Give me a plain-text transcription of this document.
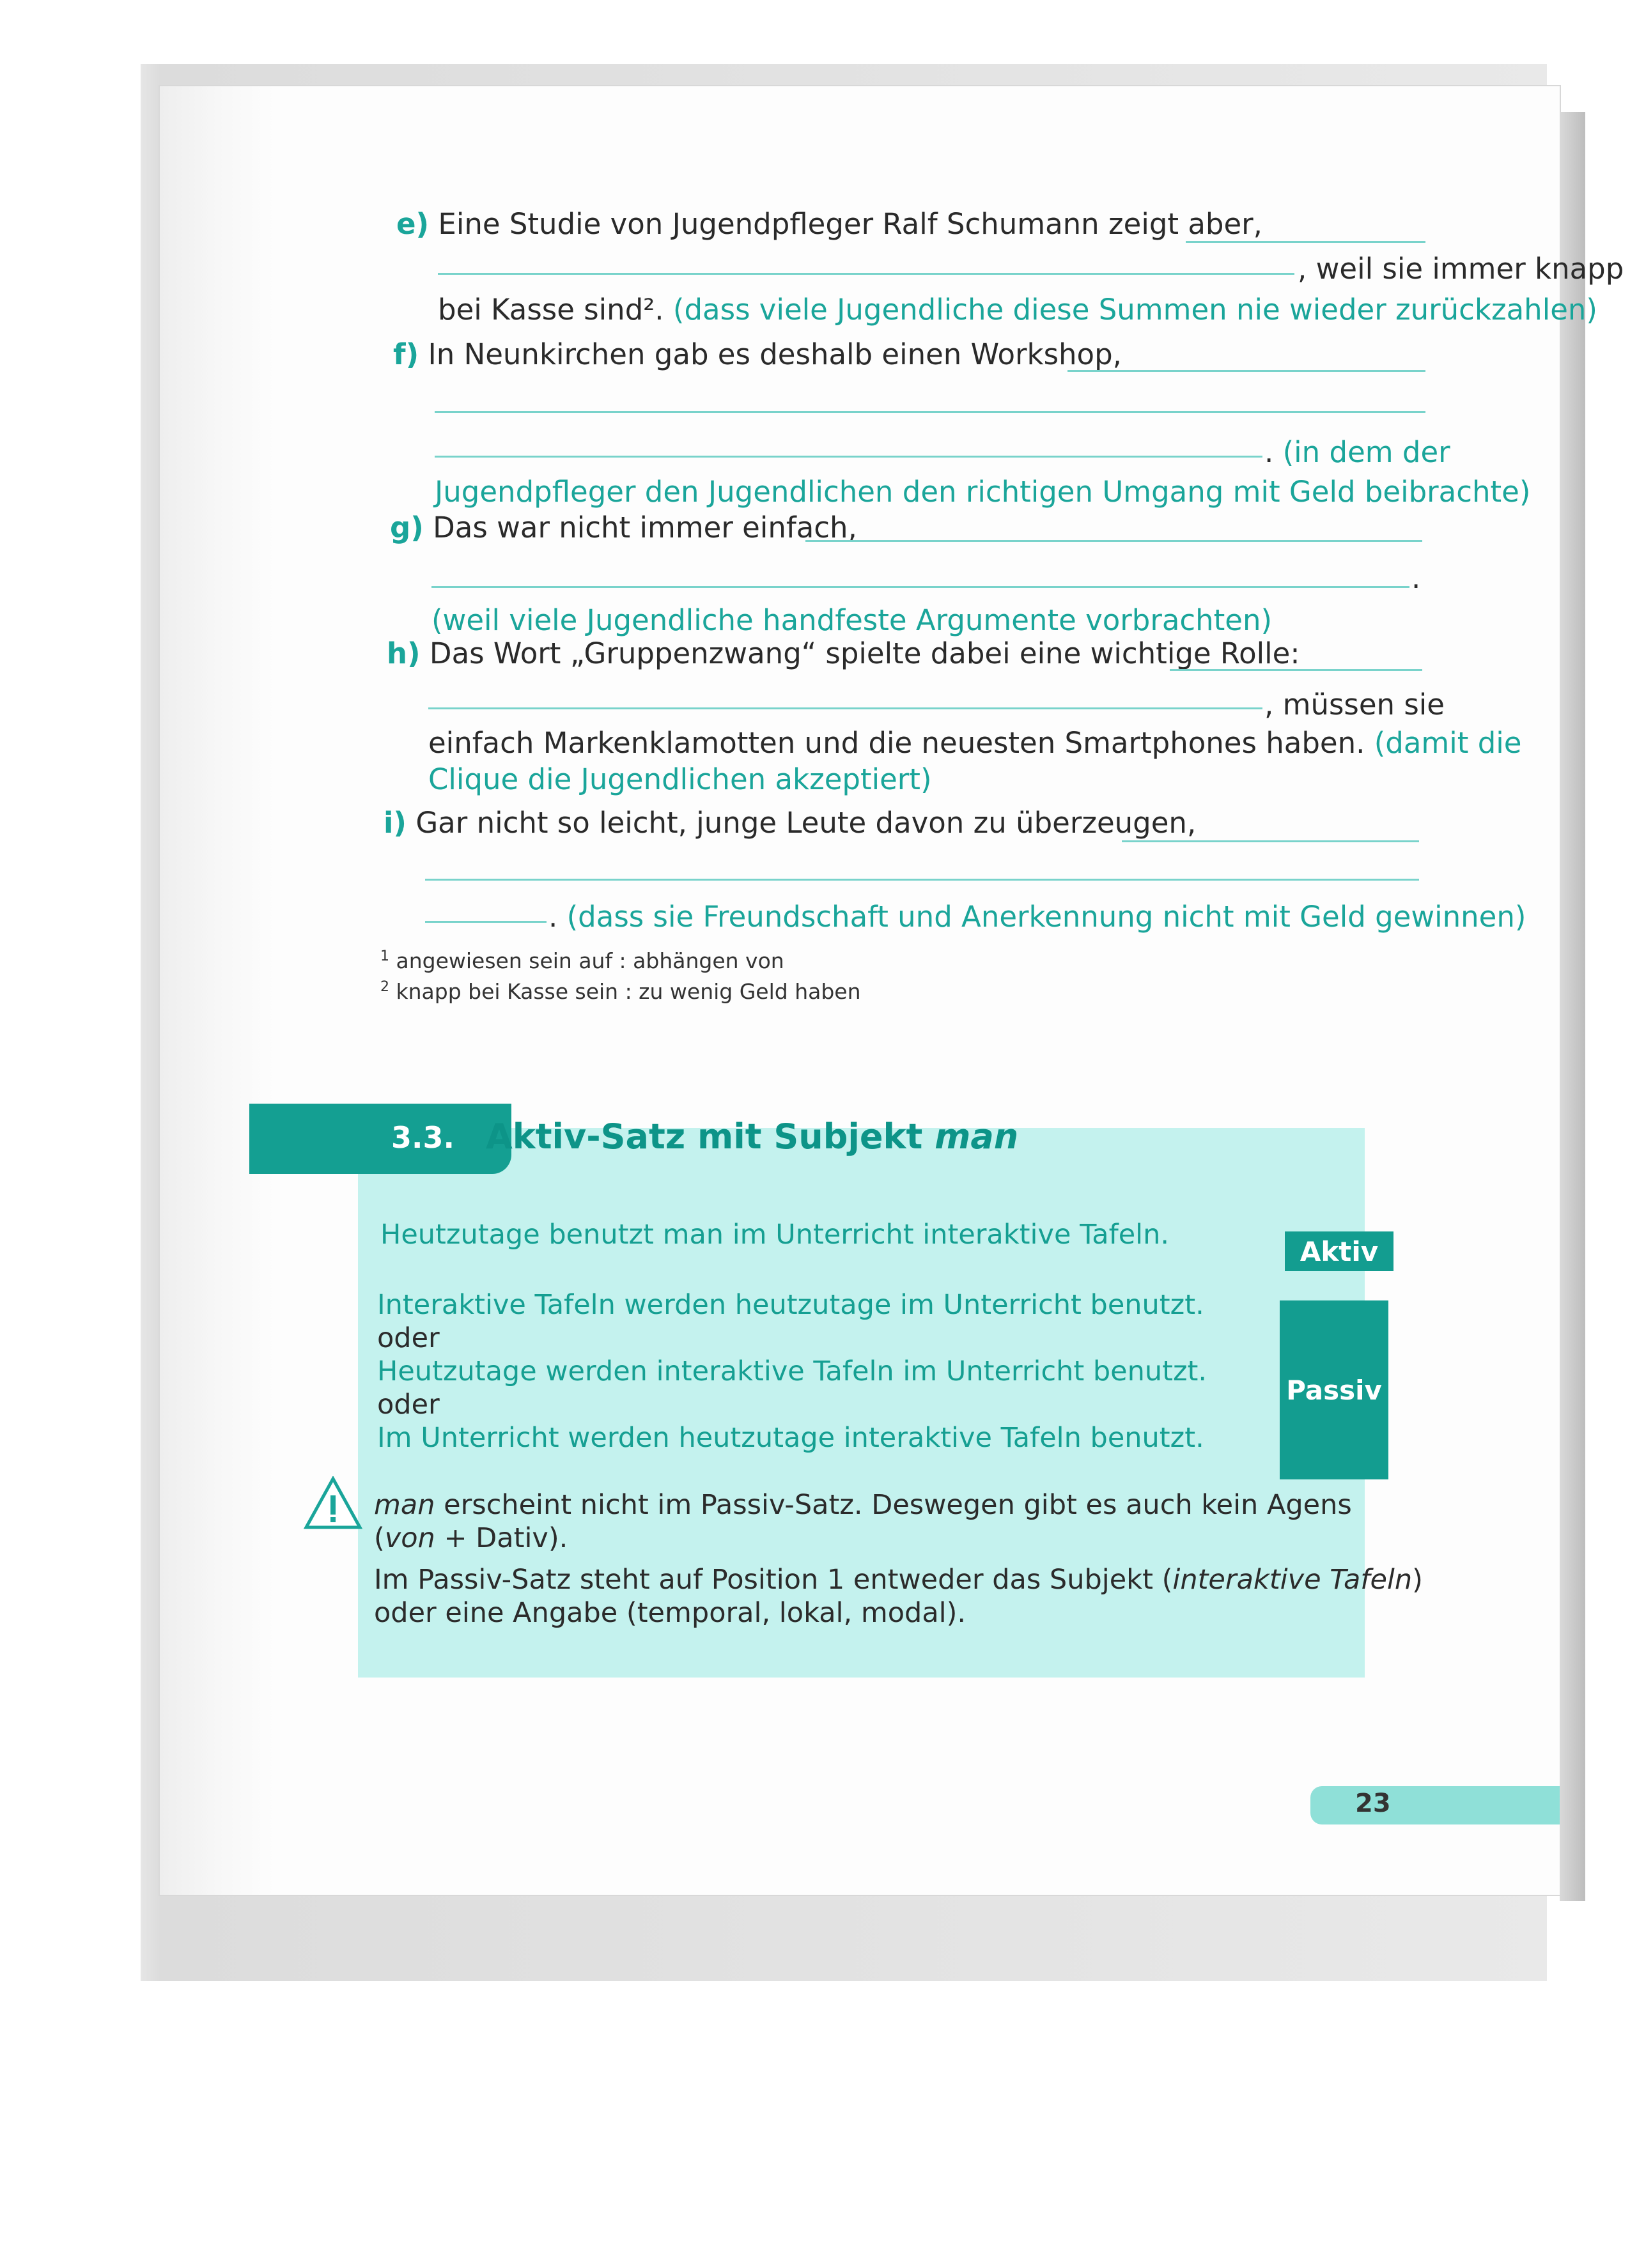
e) Eine Studie von Jugendpfleger Ralf Schumann zeigt aber,
, weil sie immer knapp
bei Kasse sind². (dass viele Jugendliche diese Summen nie wieder zurückzahlen)
f) In Neunkirchen gab es deshalb einen Workshop,
. (in dem der
Jugendpfleger den Jugendlichen den richtigen Umgang mit Geld beibrachte)
g) Das war nicht immer einfach,
.
(weil viele Jugendliche handfeste Argumente vorbrachten)
h) Das Wort „Gruppenzwang“ spielte dabei eine wichtige Rolle:
, müssen sie
einfach Markenklamotten und die neuesten Smartphones haben. (damit die
Clique die Jugendlichen akzeptiert)
i) Gar nicht so leicht, junge Leute davon zu überzeugen,
. (dass sie Freundschaft und Anerkennung nicht mit Geld gewinnen)
$^1$ angewiesen sein auf : abhängen von
$^2$ knapp bei Kasse sein : zu wenig Geld haben
3.3. Aktiv-Satz mit Subjekt man
Heutzutage benutzt man im Unterricht interaktive Tafeln.
Aktiv
Interaktive Tafeln werden heutzutage im Unterricht benutzt.
oder
Heutzutage werden interaktive Tafeln im Unterricht benutzt.
oder
Im Unterricht werden heutzutage interaktive Tafeln benutzt.
Passiv
man erscheint nicht im Passiv-Satz. Deswegen gibt es auch kein Agens
(von + Dativ).
Im Passiv-Satz steht auf Position 1 entweder das Subjekt (interaktive Tafeln)
oder eine Angabe (temporal, lokal, modal).
23
